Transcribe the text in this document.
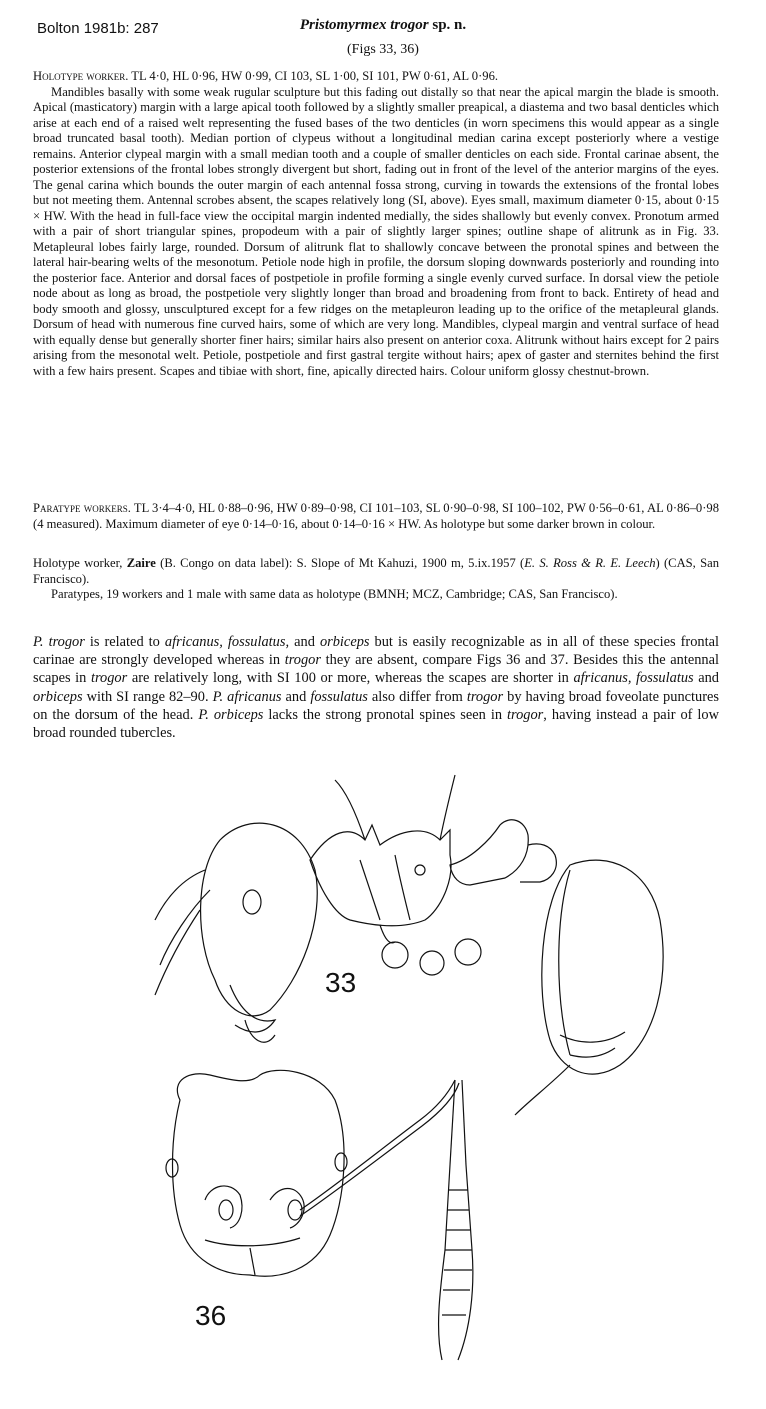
Bolton 1981b: 287	Pristomyrmex trogor sp. n.
(Figs 33, 36)

Holotype worker. TL 4·0, HL 0·96, HW 0·99, CI 103, SL 1·00, SI 101, PW 0·61, AL 0·96.

Mandibles basally with some weak rugular sculpture but this fading out distally so that near the apical margin the blade is smooth. Apical (masticatory) margin with a large apical tooth followed by a slightly smaller preapical, a diastema and two basal denticles which arise at each end of a raised welt representing the fused bases of the two denticles (in worn specimens this would appear as a single broad truncated basal tooth). Median portion of clypeus without a longitudinal median carina except posteriorly where a vestige remains. Anterior clypeal margin with a small median tooth and a couple of smaller denticles on each side. Frontal carinae absent, the posterior extensions of the frontal lobes strongly divergent but short, fading out in front of the level of the anterior margins of the eyes. The genal carina which bounds the outer margin of each antennal fossa strong, curving in towards the extensions of the frontal lobes but not meeting them. Antennal scrobes absent, the scapes relatively long (SI, above). Eyes small, maximum diameter 0·15, about 0·15 × HW. With the head in full-face view the occipital margin indented medially, the sides shallowly but evenly convex. Pronotum armed with a pair of short triangular spines, propodeum with a pair of slightly larger spines; outline shape of alitrunk as in Fig. 33. Metapleural lobes fairly large, rounded. Dorsum of alitrunk flat to shallowly concave between the pronotal spines and between the lateral hair-bearing welts of the mesonotum. Petiole node high in profile, the dorsum sloping downwards posteriorly and rounding into the posterior face. Anterior and dorsal faces of postpetiole in profile forming a single evenly curved surface. In dorsal view the petiole node about as long as broad, the postpetiole very slightly longer than broad and broadening from front to back. Entirety of head and body smooth and glossy, unsculptured except for a few ridges on the metapleuron leading up to the orifice of the metapleural glands. Dorsum of head with numerous fine curved hairs, some of which are very long. Mandibles, clypeal margin and ventral surface of head with equally dense but generally shorter finer hairs; similar hairs also present on anterior coxa. Alitrunk without hairs except for 2 pairs arising from the mesonotal welt. Petiole, postpetiole and first gastral tergite without hairs; apex of gaster and sternites behind the first with a few hairs present. Scapes and tibiae with short, fine, apically directed hairs. Colour uniform glossy chestnut-brown.

Paratype workers. TL 3·4–4·0, HL 0·88–0·96, HW 0·89–0·98, CI 101–103, SL 0·90–0·98, SI 100–102, PW 0·56–0·61, AL 0·86–0·98 (4 measured). Maximum diameter of eye 0·14–0·16, about 0·14–0·16 × HW. As holotype but some darker brown in colour.

Holotype worker, Zaire (B. Congo on data label): S. Slope of Mt Kahuzi, 1900 m, 5.ix.1957 (E. S. Ross & R. E. Leech) (CAS, San Francisco).

Paratypes, 19 workers and 1 male with same data as holotype (BMNH; MCZ, Cambridge; CAS, San Francisco).

P. trogor is related to africanus, fossulatus, and orbiceps but is easily recognizable as in all of these species frontal carinae are strongly developed whereas in trogor they are absent, compare Figs 36 and 37. Besides this the antennal scapes in trogor are relatively long, with SI 100 or more, whereas the scapes are shorter in africanus, fossulatus and orbiceps with SI range 82–90. P. africanus and fossulatus also differ from trogor by having broad foveolate punctures on the dorsum of the head. P. orbiceps lacks the strong pronotal spines seen in trogor, having instead a pair of low broad rounded tubercles.

33
36
